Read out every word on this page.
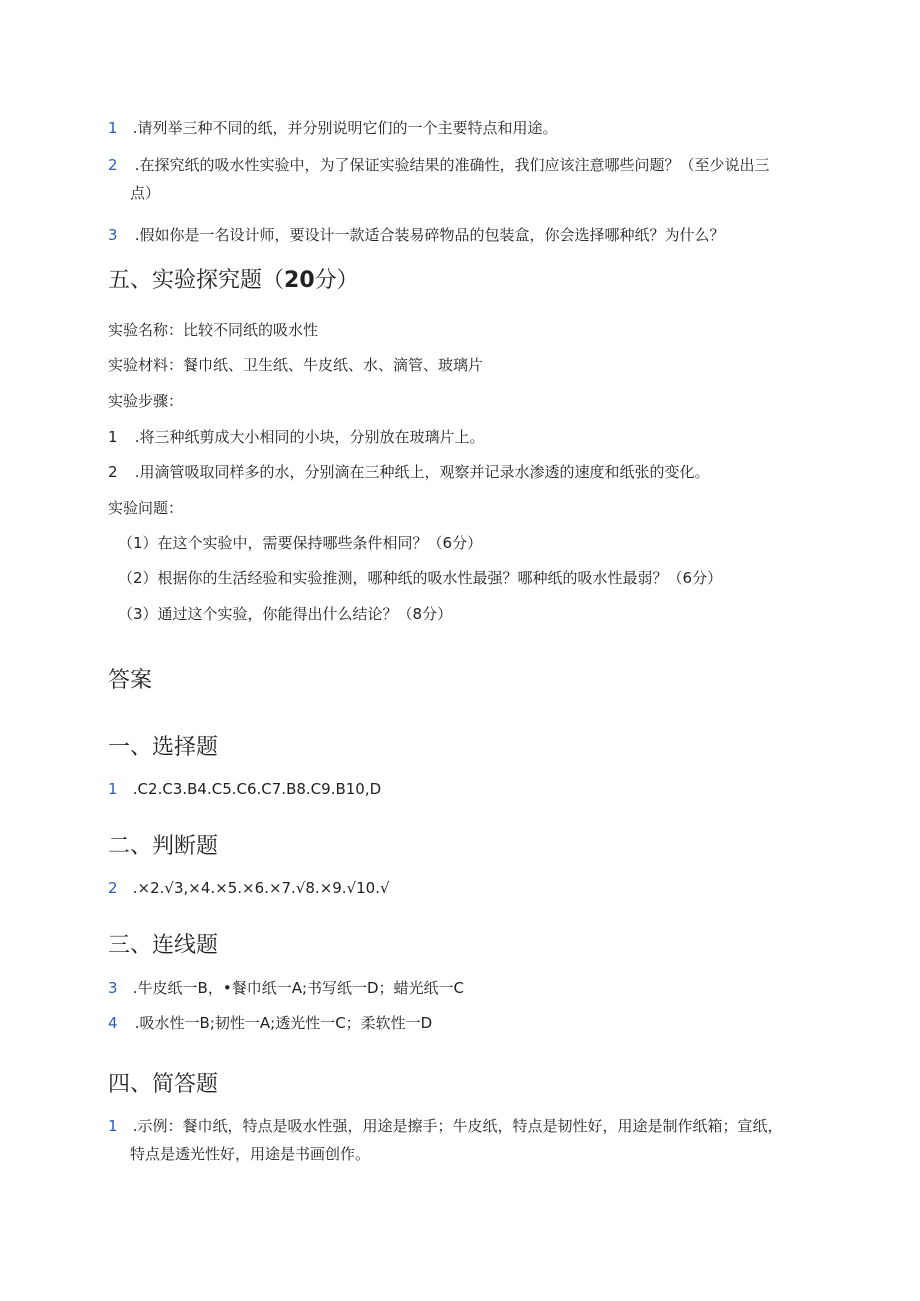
1 .请列举三种不同的纸，并分别说明它们的一个主要特点和用途。
2 .在探究纸的吸水性实验中，为了保证实验结果的准确性，我们应该注意哪些问题？（至少说出三
点）
3 .假如你是一名设计师，要设计一款适合装易碎物品的包装盒，你会选择哪种纸？为什么？
五、实验探究题（20分）
实验名称：比较不同纸的吸水性
实验材料：餐巾纸、卫生纸、牛皮纸、水、滴管、玻璃片
实验步骤：
1 .将三种纸剪成大小相同的小块，分别放在玻璃片上。
2 .用滴管吸取同样多的水，分别滴在三种纸上，观察并记录水渗透的速度和纸张的变化。
实验问题：
（1）在这个实验中，需要保持哪些条件相同？（6分）
（2）根据你的生活经验和实验推测，哪种纸的吸水性最强？哪种纸的吸水性最弱？（6分）
（3）通过这个实验，你能得出什么结论？（8分）
答案
一、选择题
1 .C2.C3.B4.C5.C6.C7.B8.C9.B10,D
二、判断题
2 .×2.√3,×4.×5.×6.×7.√8.×9.√10.√
三、连线题
3 .牛皮纸一B，•餐巾纸一A;书写纸一D；蜡光纸一C
4 .吸水性一B;韧性一A;透光性一C；柔软性一D
四、简答题
1 .示例：餐巾纸，特点是吸水性强，用途是擦手；牛皮纸，特点是韧性好，用途是制作纸箱；宣纸，
特点是透光性好，用途是书画创作。
